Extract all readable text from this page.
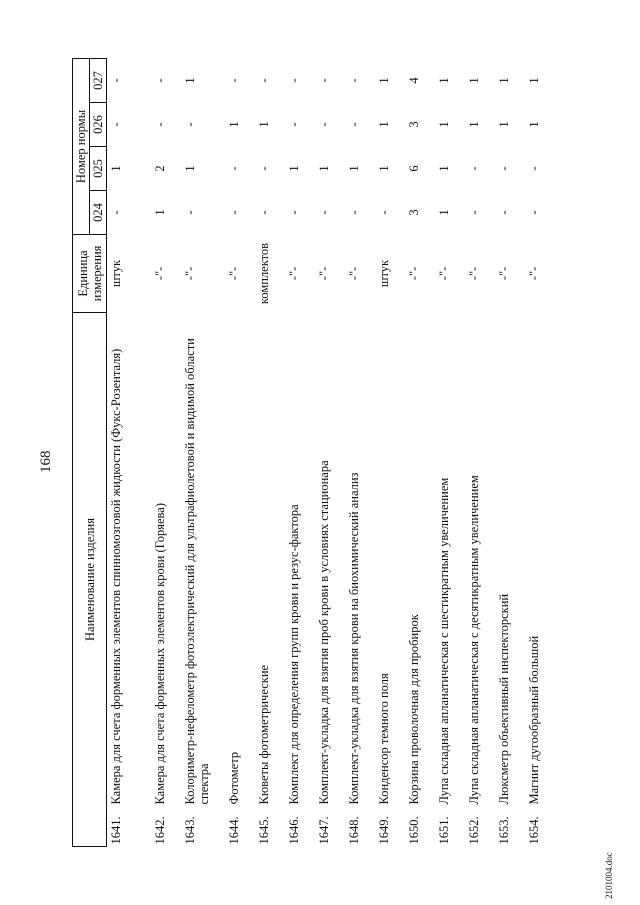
168
Наименование изделия		Единица измерения	Номер нормы			
			024	025	026	027
1641.	Камера для счета форменных элементов спинномозговой жидкости (Фукс-Розенталя)	штук	-	1	-	-
1642.	Камера для счета форменных элементов крови (Горяева)	-"-	1	2	-	-
1643.	Колориметр-нефелометр фотоэлектрический для ультрафиолетовой и видимой области спектра	-"-	-	1	-	1
1644.	Фотометр	-"-	-	-	1	-
1645.	Кюветы фотометрические	комплектов	-	-	1	-
1646.	Комплект для определения групп крови и резус-фактора	-"-	-	1	-	-
1647.	Комплект-укладка для взятия проб крови в условиях стационара	-"-	-	1	-	-
1648.	Комплект-укладка для взятия крови на биохимический анализ	-"-	-	1	-	-
1649.	Конденсор темного поля	штук	-	1	1	1
1650.	Корзина проволочная для пробирок	-"-	3	6	3	4
1651.	Лупа складная апланатическая с шестикратным увеличением	-"-	1	1	1	1
1652.	Лупа складная апланатическая с десятикратным увеличением	-"-	-	-	1	1
1653.	Люксметр объективный инспекторский	-"-	-	-	1	1
1654.	Магнит дугообразный большой	-"-	-	-	1	1
2101004.doc
